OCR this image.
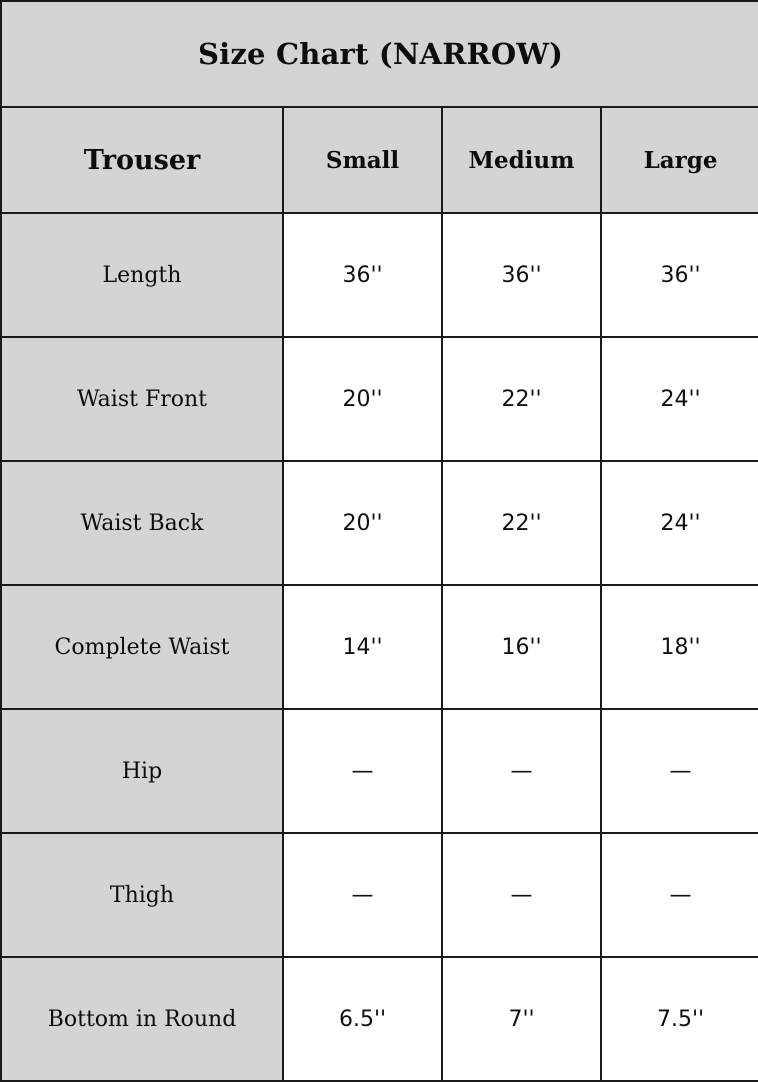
Size Chart (NARROW)			
Trouser	Small	Medium	Large
Length	36''	36''	36''
Waist Front	20''	22''	24''
Waist Back	20''	22''	24''
Complete Waist	14''	16''	18''
Hip	—	—	—
Thigh	—	—	—
Bottom in Round	6.5''	7''	7.5''
